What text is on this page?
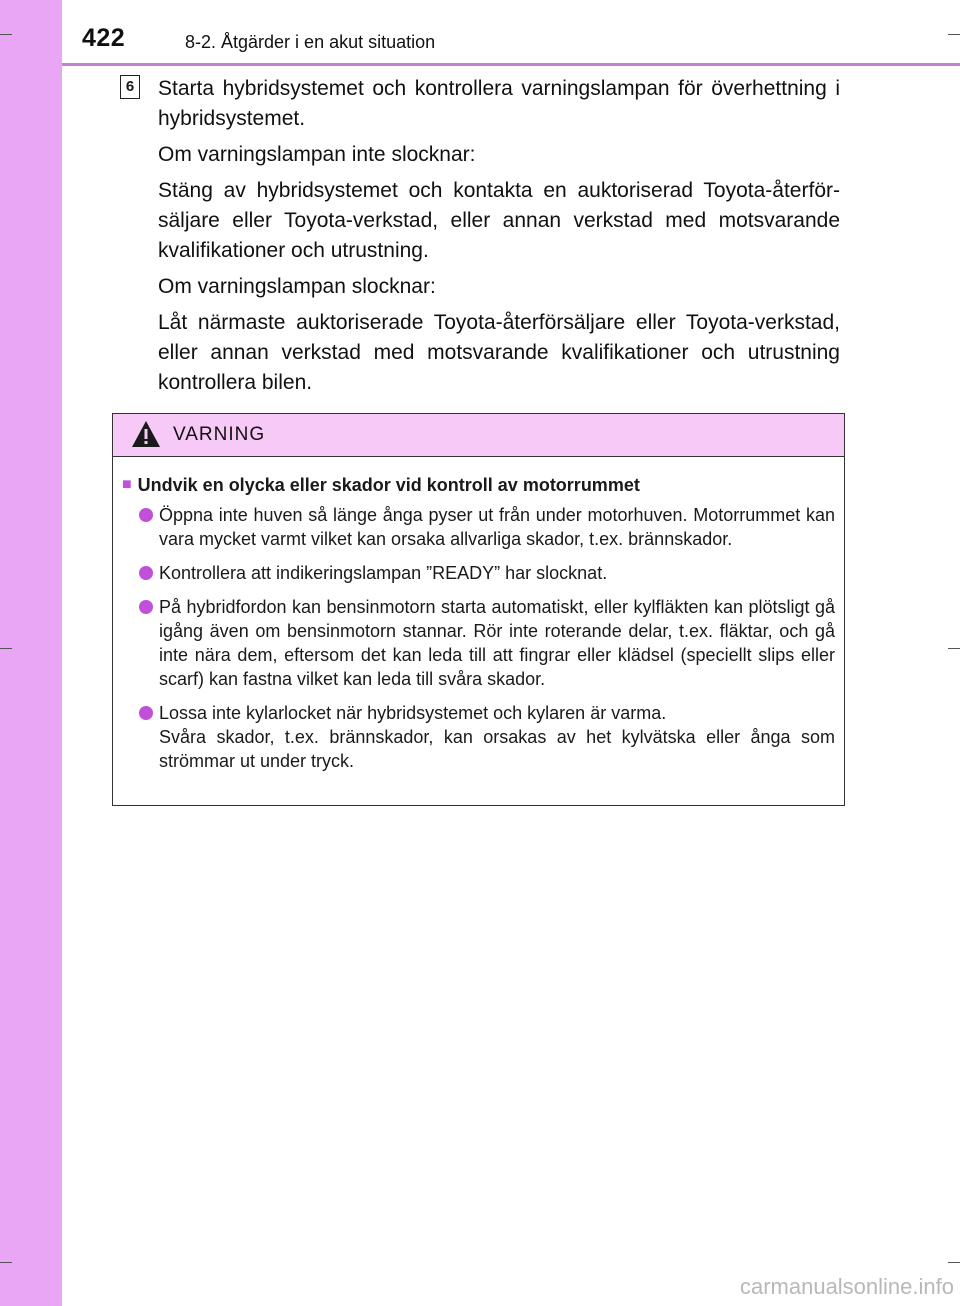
422	8-2. Åtgärder i en akut situation
6 Starta hybridsystemet och kontrollera varningslampan för överhettning i hybridsystemet.

Om varningslampan inte slocknar:

Stäng av hybridsystemet och kontakta en auktoriserad Toyota-återförsäljare eller Toyota-verkstad, eller annan verkstad med motsvarande kvalifikationer och utrustning.

Om varningslampan slocknar:

Låt närmaste auktoriserade Toyota-återförsäljare eller Toyota-verkstad, eller annan verkstad med motsvarande kvalifikationer och utrustning kontrollera bilen.

VARNING
■ Undvik en olycka eller skador vid kontroll av motorrummet
Öppna inte huven så länge ånga pyser ut från under motorhuven. Motorrummet kan vara mycket varmt vilket kan orsaka allvarliga skador, t.ex. brännskador.
Kontrollera att indikeringslampan ”READY” har slocknat.
På hybridfordon kan bensinmotorn starta automatiskt, eller kylfläkten kan plötsligt gå igång även om bensinmotorn stannar. Rör inte roterande delar, t.ex. fläktar, och gå inte nära dem, eftersom det kan leda till att fingrar eller klädsel (speciellt slips eller scarf) kan fastna vilket kan leda till svåra skador.
Lossa inte kylarlocket när hybridsystemet och kylaren är varma.
Svåra skador, t.ex. brännskador, kan orsakas av het kylvätska eller ånga som strömmar ut under tryck.
carmanualsonline.info
